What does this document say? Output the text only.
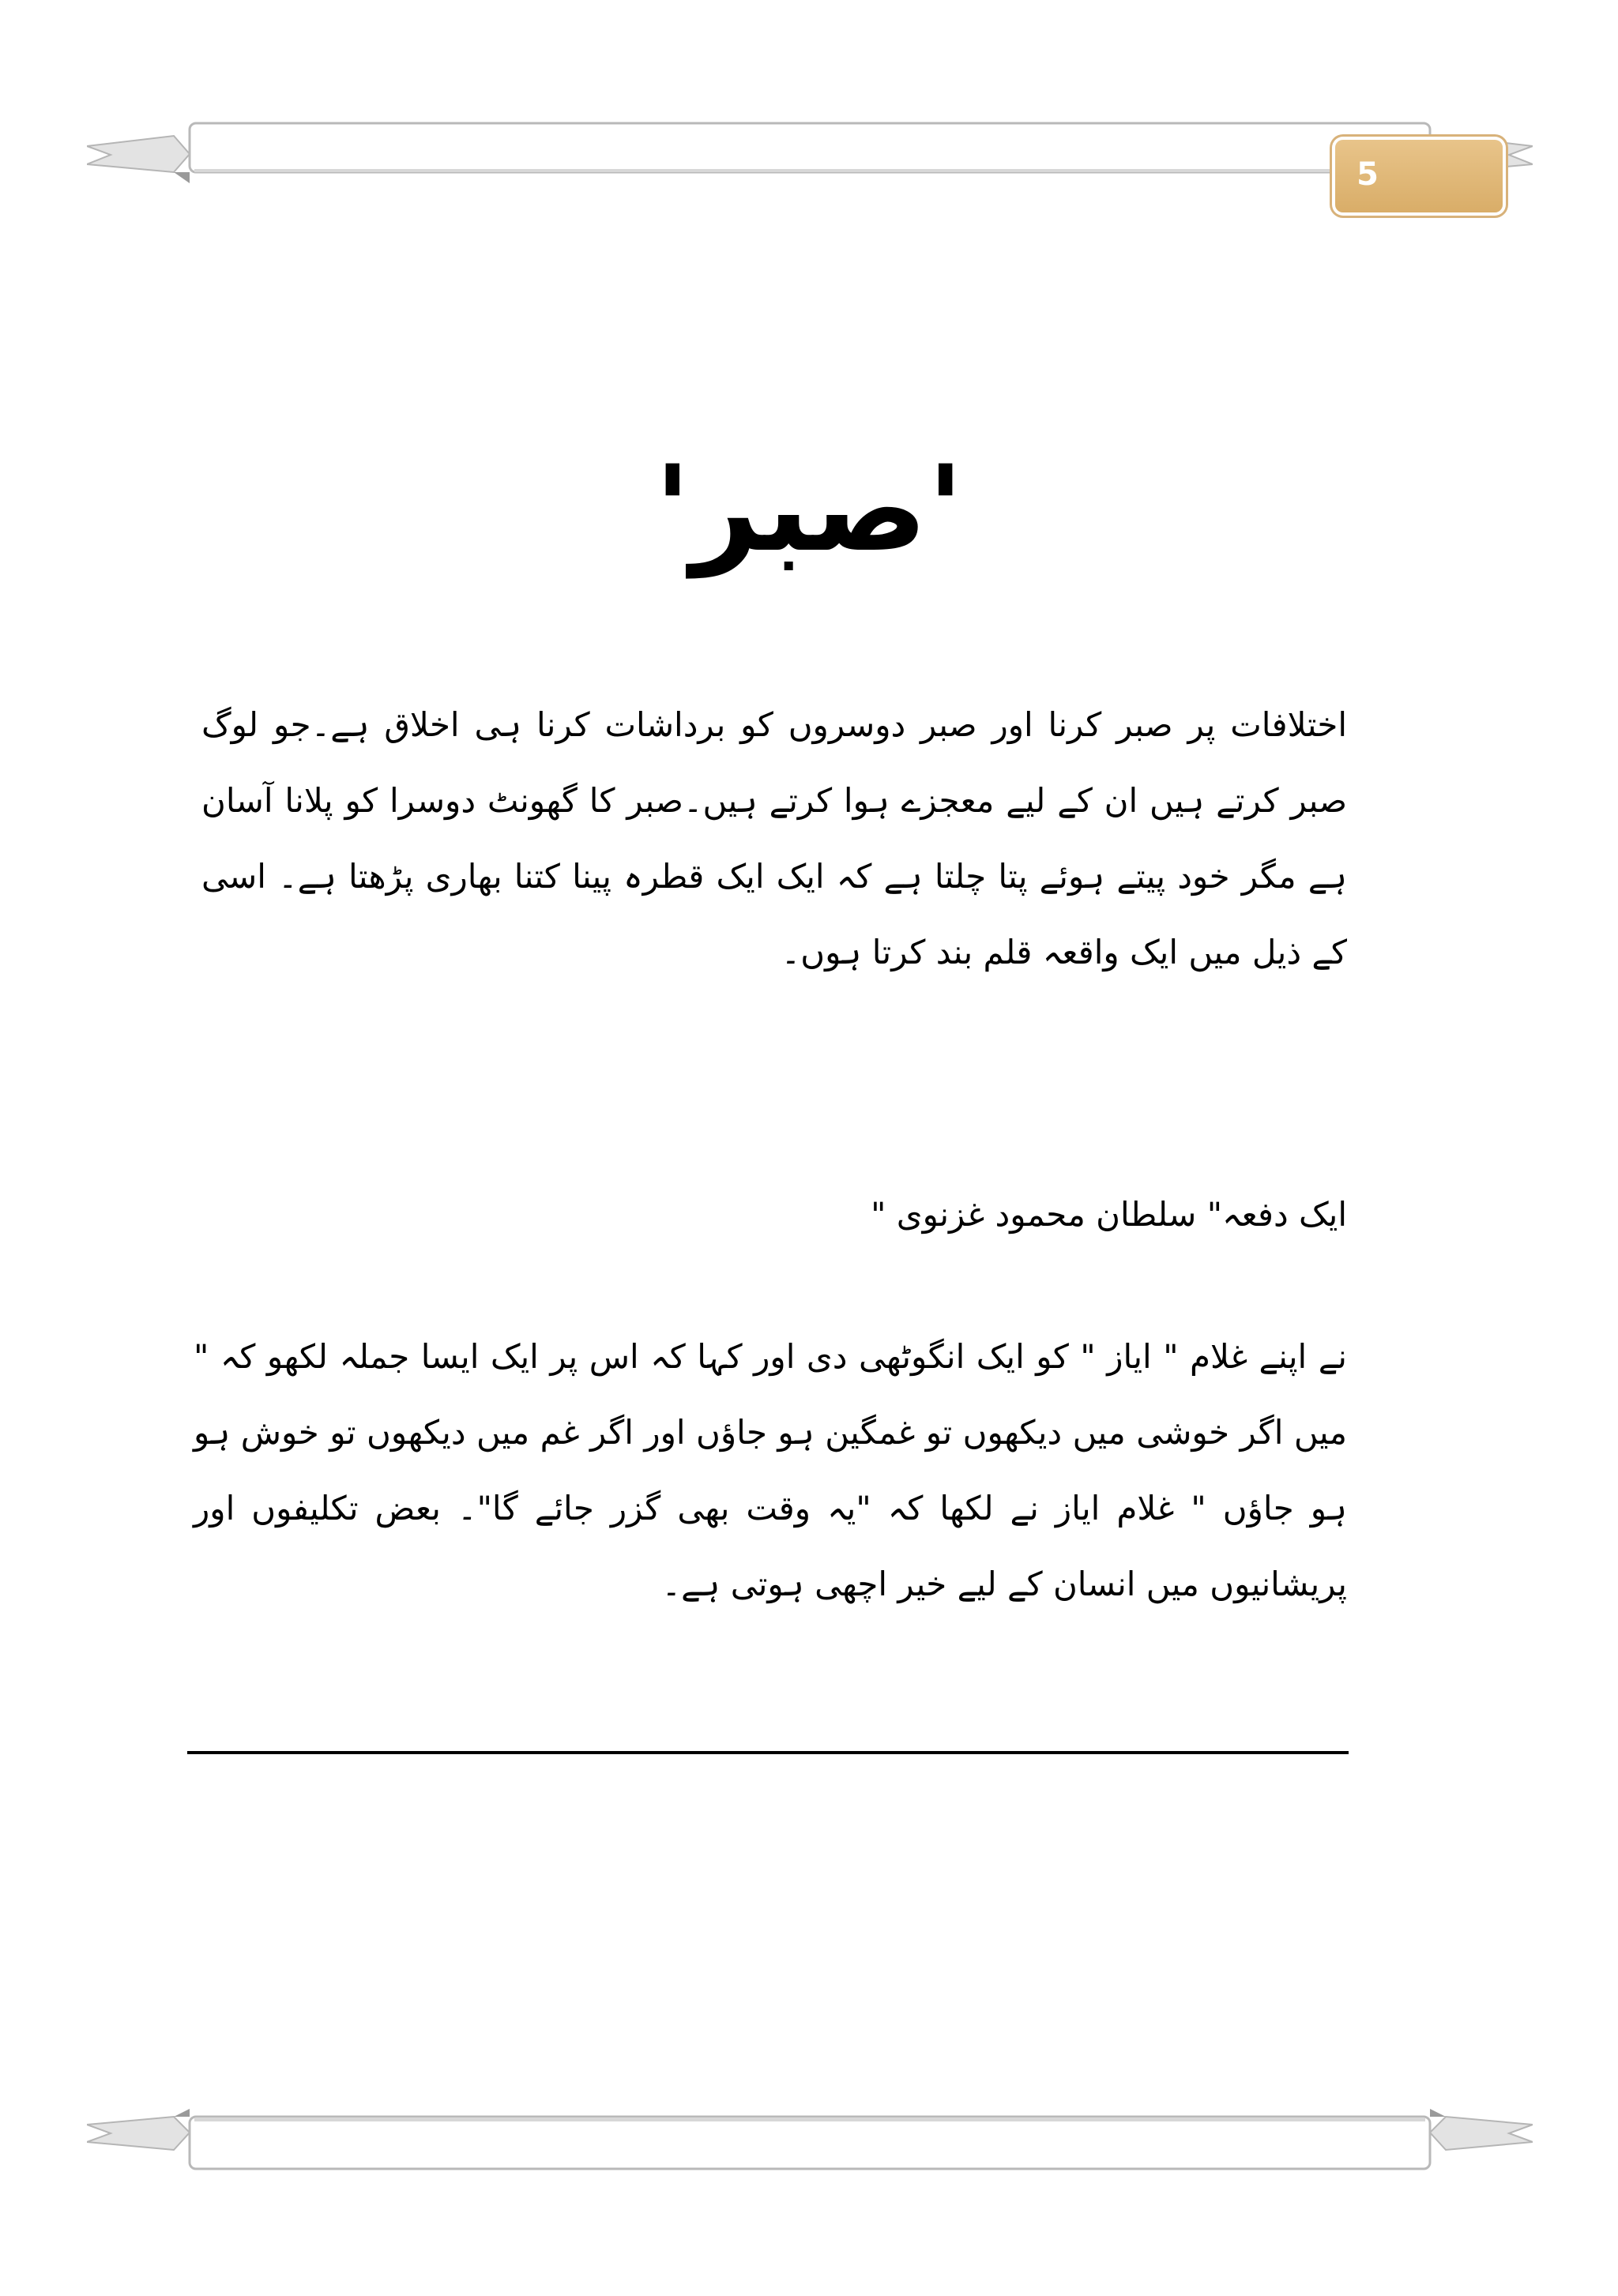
5
'صبر'
اختلافات پر صبر کرنا اور صبر دوسروں کو برداشات کرنا ہی اخلاق ہے۔جو لوگ صبر کرتے ہیں ان کے لیے معجزے ہوا کرتے ہیں۔صبر کا گھونٹ دوسرا کو پلانا آسان ہے مگر خود پیتے ہوئے پتا چلتا ہے کہ ایک ایک قطرہ پینا کتنا بھاری پڑھتا ہے۔ اسی کے ذیل میں ایک واقعہ قلم بند کرتا ہوں۔
ایک دفعہ" سلطان محمود غزنوی "
نے اپنے غلام " ایاز " کو ایک انگوٹھی دی اور کہا کہ اس پر ایک ایسا جملہ لکھو کہ " میں اگر خوشی میں دیکھوں تو غمگین ہو جاؤں اور اگر غم میں دیکھوں تو خوش ہو ہو جاؤں " غلام ایاز نے لکھا کہ "یہ وقت بھی گزر جائے گا"۔ بعض تکلیفوں اور پریشانیوں میں انسان کے لیے خیر اچھی ہوتی ہے۔
